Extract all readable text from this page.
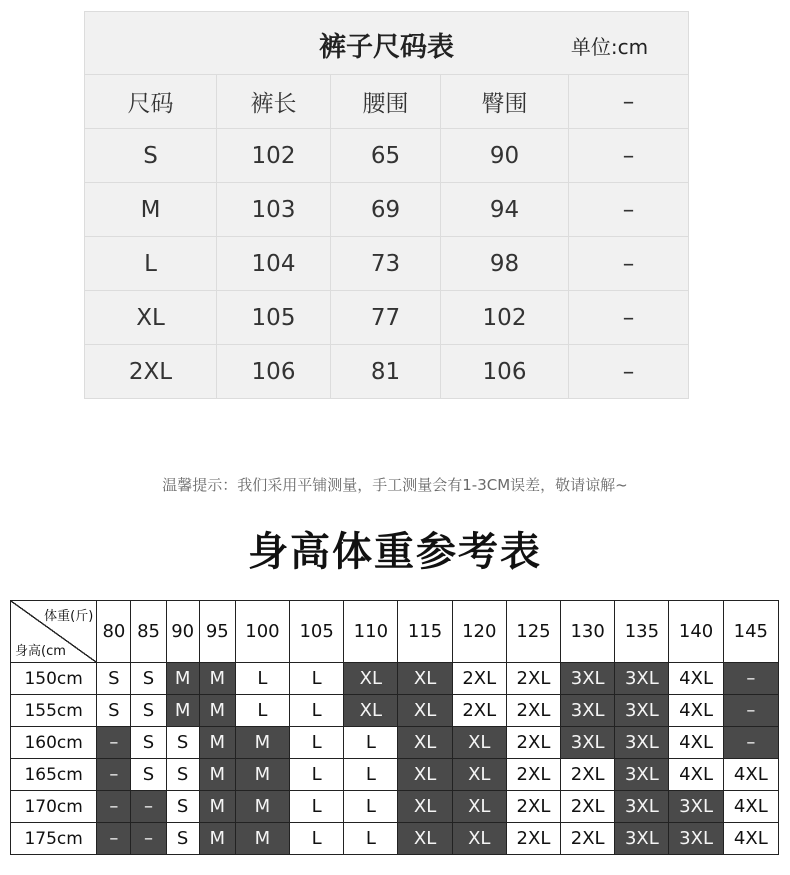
裤子尺码表 单位:cm				

尺码	裤长	腰围	臀围	–
S	102	65	90	–
M	103	69	94	–
L	104	73	98	–
XL	105	77	102	–
2XL	106	81	106	–
温馨提示：我们采用平铺测量，手工测量会有1-3CM误差，敬请谅解~
身高体重参考表
体重(斤)
身高(cm	80	85	90	95	100	105	110	115	120	125	130	135	140	145
150cm	S	S	M	M	L	L	XL	XL	2XL	2XL	3XL	3XL	4XL	–
155cm	S	S	M	M	L	L	XL	XL	2XL	2XL	3XL	3XL	4XL	–
160cm	–	S	S	M	M	L	L	XL	XL	2XL	3XL	3XL	4XL	–
165cm	–	S	S	M	M	L	L	XL	XL	2XL	2XL	3XL	4XL	4XL
170cm	–	–	S	M	M	L	L	XL	XL	2XL	2XL	3XL	3XL	4XL
175cm	–	–	S	M	M	L	L	XL	XL	2XL	2XL	3XL	3XL	4XL
